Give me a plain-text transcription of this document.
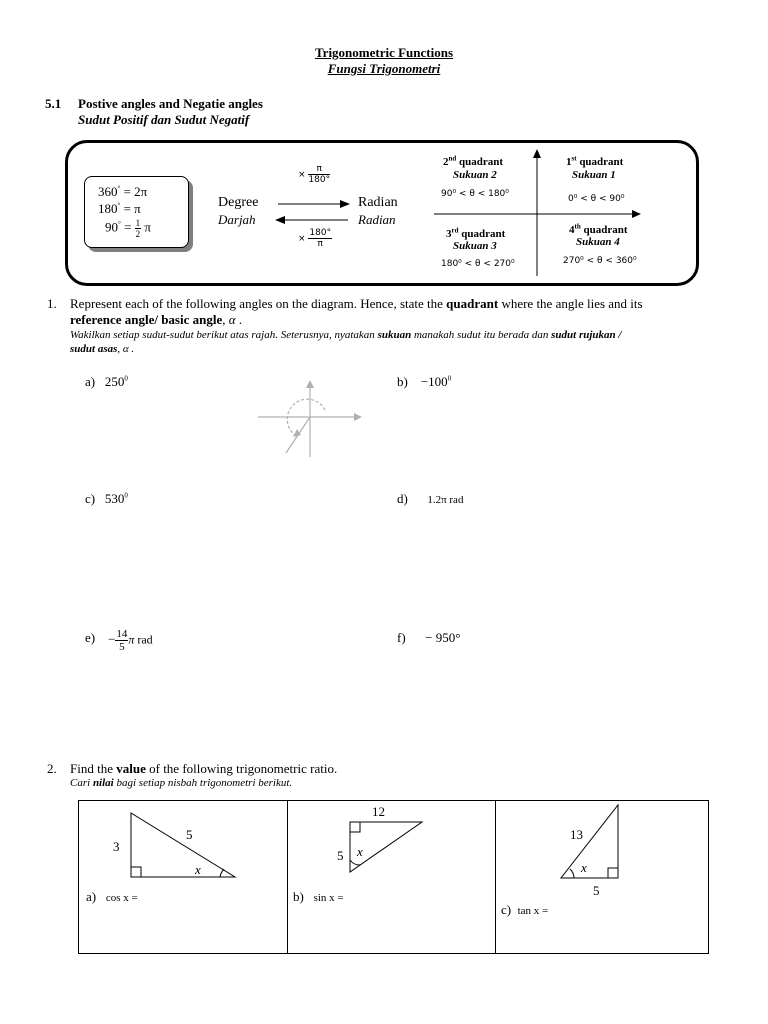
Trigonometric Functions
Fungsi Trigonometri
5.1 Postive angles and Negatie angles
Sudut Positif dan Sudut Negatif
360° = 2π
180° = π
$90^\circ = \frac{1}{2}$ π
Degree
Darjah
Radian
Radian
× $\frac{\pi}{180^\circ}$
× $\frac{180^\circ}{\pi}$
2nd quadrant
Sukuan 2
90⁰ < θ < 180⁰
1st quadrant
Sukuan 1
0⁰ < θ < 90⁰
3rd quadrant
Sukuan 3
180⁰ < θ < 270⁰
4th quadrant
Sukuan 4
270⁰ < θ < 360⁰
1. Represent each of the following angles on the diagram. Hence, state the quadrant where the angle lies and its
reference angle/ basic angle, α .
Wakilkan setiap sudut-sudut berikut atas rajah. Seterusnya, nyatakan sukuan manakah sudut itu berada dan sudut rujukan /
sudut asas, α .
a) $250^0$	$b) -100^0$
c) $530^0$	d) 1.2π rad
$e) - \frac{14}{5}$ π rad	f) − 950°
2. Find the value of the following trigonometric ratio.
Cari nilai bagi setiap nisbah trigonometri berikut.
3
5
x
a) cos x =
12
5 x
b) sin x =
13
x
5
c) tan x =
